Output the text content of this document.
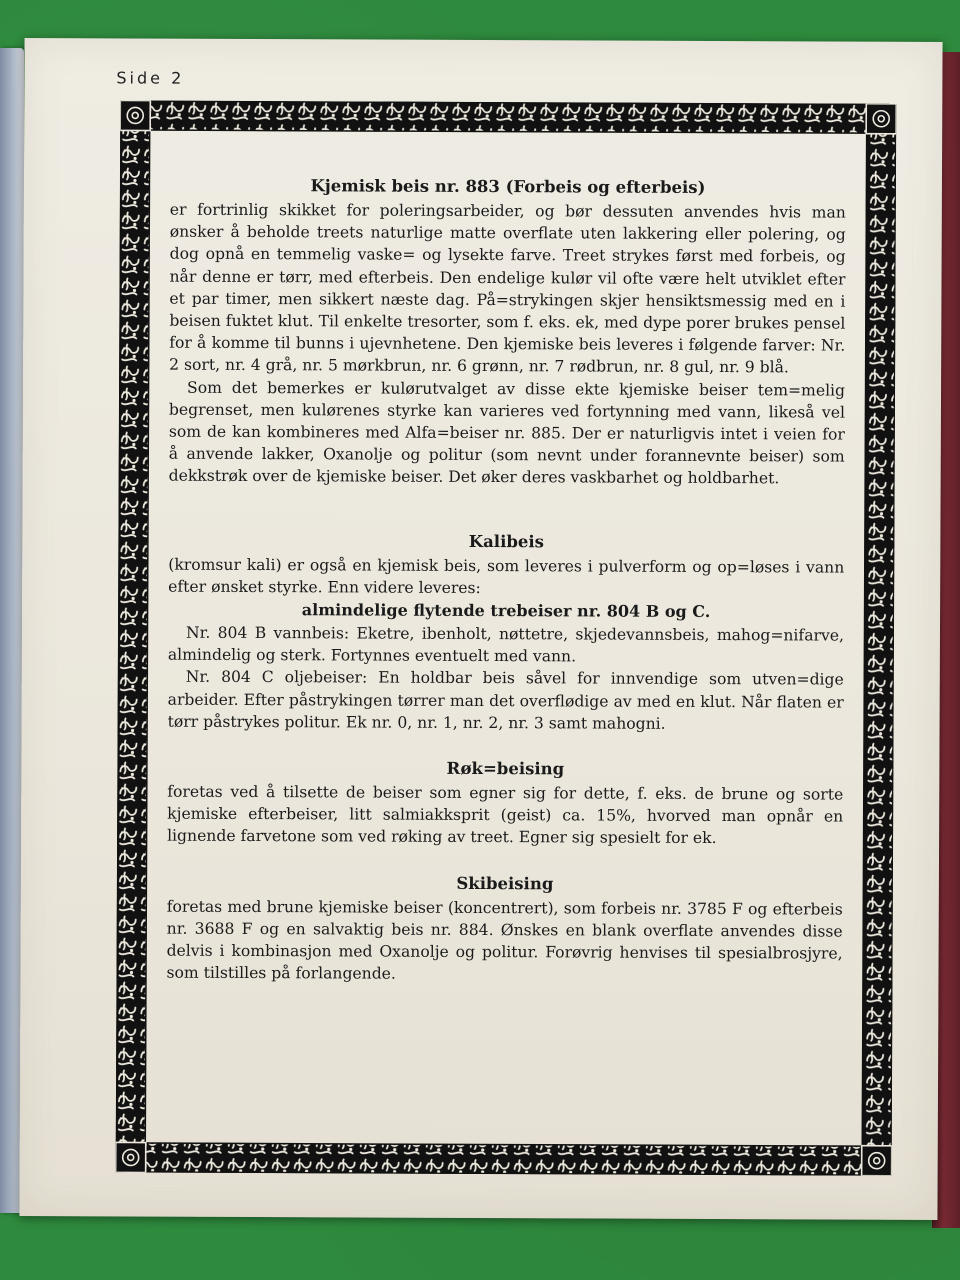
Side 2
Kjemisk beis nr. 883 (Forbeis og efterbeis)

er fortrinlig skikket for poleringsarbeider, og bør dessuten anvendes hvis man ønsker å beholde treets naturlige matte overflate uten lakkering eller polering, og dog opnå en temmelig vaske= og lysekte farve. Treet strykes først med forbeis, og når denne er tørr, med efterbeis. Den endelige kulør vil ofte være helt utviklet efter et par timer, men sikkert næste dag. På=strykingen skjer hensiktsmessig med en i beisen fuktet klut. Til enkelte tresorter, som f. eks. ek, med dype porer brukes pensel for å komme til bunns i ujevnhetene. Den kjemiske beis leveres i følgende farver: Nr. 2 sort, nr. 4 grå, nr. 5 mørkbrun, nr. 6 grønn, nr. 7 rødbrun, nr. 8 gul, nr. 9 blå.

Som det bemerkes er kulørutvalget av disse ekte kjemiske beiser tem=melig begrenset, men kulørenes styrke kan varieres ved fortynning med vann, likeså vel som de kan kombineres med Alfa=beiser nr. 885. Der er naturligvis intet i veien for å anvende lakker, Oxanolje og politur (som nevnt under forannevnte beiser) som dekkstrøk over de kjemiske beiser. Det øker deres vaskbarhet og holdbarhet.

Kalibeis

(kromsur kali) er også en kjemisk beis, som leveres i pulverform og op=løses i vann efter ønsket styrke. Enn videre leveres:

almindelige flytende trebeiser nr. 804 B og C.

Nr. 804 B vannbeis: Eketre, ibenholt, nøttetre, skjedevannsbeis, mahog=nifarve, almindelig og sterk. Fortynnes eventuelt med vann.

Nr. 804 C oljebeiser: En holdbar beis såvel for innvendige som utven=dige arbeider. Efter påstrykingen tørrer man det overflødige av med en klut. Når flaten er tørr påstrykes politur. Ek nr. 0, nr. 1, nr. 2, nr. 3 samt mahogni.

Røk=beising

foretas ved å tilsette de beiser som egner sig for dette, f. eks. de brune og sorte kjemiske efterbeiser, litt salmiakksprit (geist) ca. 15%, hvorved man opnår en lignende farvetone som ved røking av treet. Egner sig spesielt for ek.

Skibeising

foretas med brune kjemiske beiser (koncentrert), som forbeis nr. 3785 F og efterbeis nr. 3688 F og en salvaktig beis nr. 884. Ønskes en blank overflate anvendes disse delvis i kombinasjon med Oxanolje og politur. Forøvrig henvises til spesialbrosjyre, som tilstilles på forlangende.
